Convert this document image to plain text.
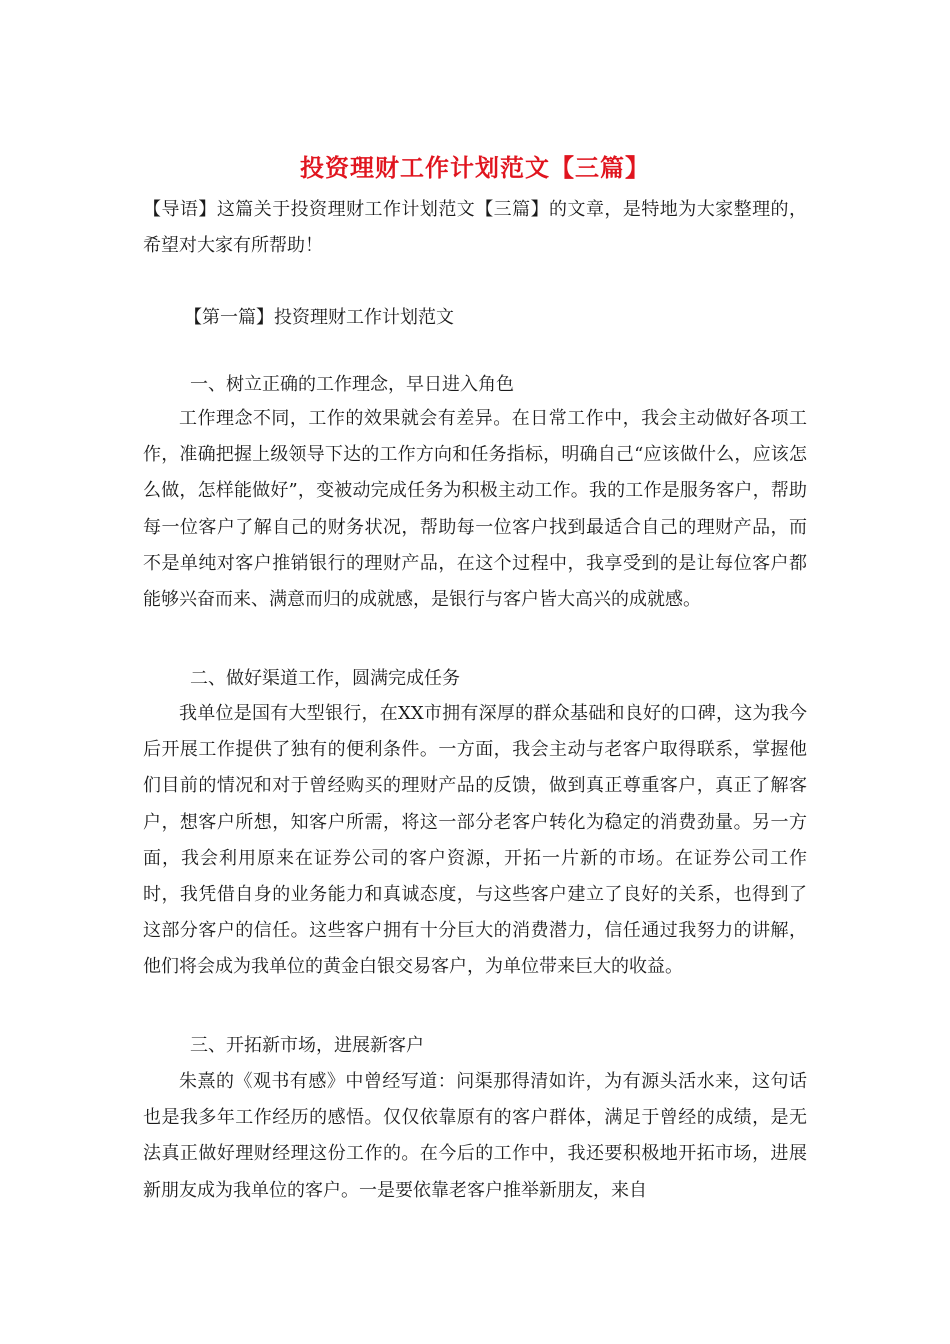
投资理财工作计划范文【三篇】
【导语】这篇关于投资理财工作计划范文【三篇】的文章，是特地为大家整理的，希望对大家有所帮助！
【第一篇】投资理财工作计划范文
一、树立正确的工作理念，早日进入角色
工作理念不同，工作的效果就会有差异。在日常工作中，我会主动做好各项工作，准确把握上级领导下达的工作方向和任务指标，明确自己“应该做什么，应该怎么做，怎样能做好”，变被动完成任务为积极主动工作。我的工作是服务客户，帮助每一位客户了解自己的财务状况，帮助每一位客户找到最适合自己的理财产品，而不是单纯对客户推销银行的理财产品，在这个过程中，我享受到的是让每位客户都能够兴奋而来、满意而归的成就感，是银行与客户皆大高兴的成就感。
二、做好渠道工作，圆满完成任务
我单位是国有大型银行，在XX市拥有深厚的群众基础和良好的口碑，这为我今后开展工作提供了独有的便利条件。一方面，我会主动与老客户取得联系，掌握他们目前的情况和对于曾经购买的理财产品的反馈，做到真正尊重客户，真正了解客户，想客户所想，知客户所需，将这一部分老客户转化为稳定的消费劲量。另一方面，我会利用原来在证券公司的客户资源，开拓一片新的市场。在证券公司工作时，我凭借自身的业务能力和真诚态度，与这些客户建立了良好的关系，也得到了这部分客户的信任。这些客户拥有十分巨大的消费潜力，信任通过我努力的讲解，他们将会成为我单位的黄金白银交易客户，为单位带来巨大的收益。
三、开拓新市场，进展新客户
朱熹的《观书有感》中曾经写道：问渠那得清如许，为有源头活水来，这句话也是我多年工作经历的感悟。仅仅依靠原有的客户群体，满足于曾经的成绩，是无法真正做好理财经理这份工作的。在今后的工作中，我还要积极地开拓市场，进展新朋友成为我单位的客户。一是要依靠老客户推举新朋友，来自
